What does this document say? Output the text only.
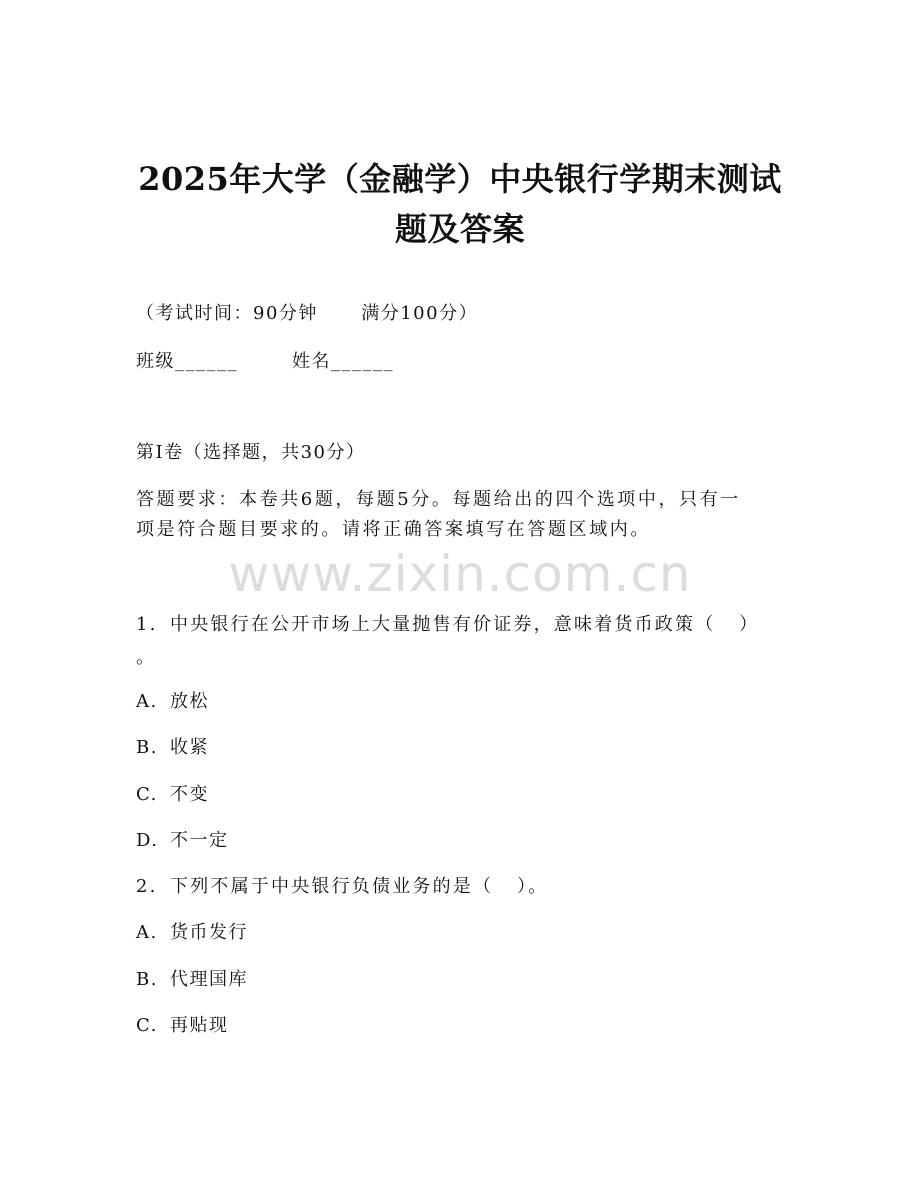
2025年大学（金融学）中央银行学期末测试
题及答案
（考试时间：90分钟      满分100分）
班级______	姓名______
第Ⅰ卷（选择题，共30分）
答题要求：本卷共6题，每题5分。每题给出的四个选项中，只有一
项是符合题目要求的。请将正确答案填写在答题区域内。
www.zixin.com.cn
1. 中央银行在公开市场上大量抛售有价证券，意味着货币政策（   ）
。
A. 放松
B. 收紧
C. 不变
D. 不一定
2. 下列不属于中央银行负债业务的是（   ）。
A. 货币发行
B. 代理国库
C. 再贴现
